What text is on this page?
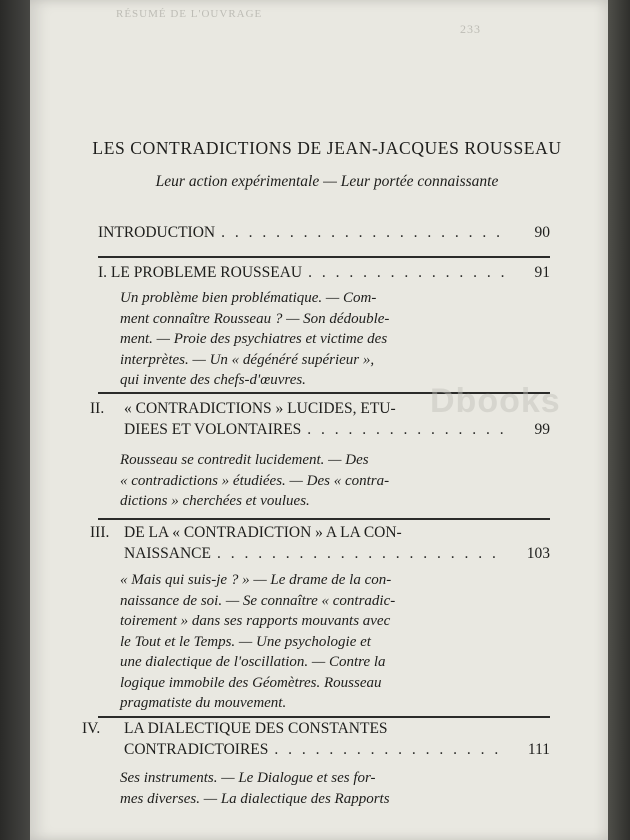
RÉSUMÉ DE L'OUVRAGE
233
LES CONTRADICTIONS DE JEAN-JACQUES ROUSSEAU
Leur action expérimentale — Leur portée connaissante
INTRODUCTION . . .	90
I.
LE PROBLEME ROUSSEAU . . .	91
Un problème bien problématique. — Com-
ment connaître Rousseau ? — Son dédouble-
ment. — Proie des psychiatres et victime des
interprètes. — Un « dégénéré supérieur »,
qui invente des chefs-d'œuvres.
II.	« CONTRADICTIONS » LUCIDES, ETU-
DIEES ET VOLONTAIRES . . .	99
Rousseau se contredit lucidement. — Des
« contradictions » étudiées. — Des « contra-
dictions » cherchées et voulues.
III. DE LA « CONTRADICTION » A LA CON-
NAISSANCE . . .	103
« Mais qui suis-je ? » — Le drame de la con-
naissance de soi. — Se connaître « contradic-
toirement » dans ses rapports mouvants avec
le Tout et le Temps. — Une psychologie et
une dialectique de l'oscillation. — Contre la
logique immobile des Géomètres. Rousseau
pragmatiste du mouvement.
IV.	LA DIALECTIQUE DES CONSTANTES
CONTRADICTOIRES . . .	111
Ses instruments. — Le Dialogue et ses for-
mes diverses. — La dialectique des Rapports
Dbooks
